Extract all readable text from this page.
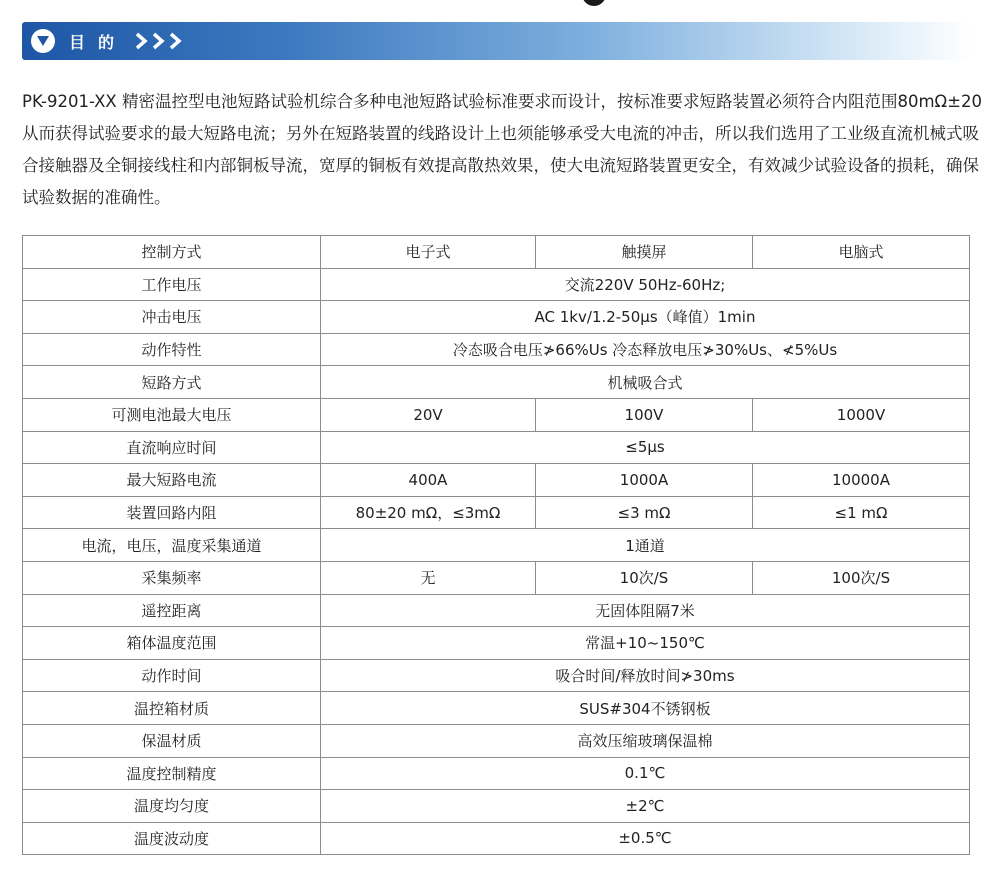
目的

PK-9201-XX 精密温控型电池短路试验机综合多种电池短路试验标准要求而设计，按标准要求短路装置必须符合内阻范围80mΩ±20从而获得试验要求的最大短路电流；另外在短路装置的线路设计上也须能够承受大电流的冲击，所以我们选用了工业级直流机械式吸合接触器及全铜接线柱和内部铜板导流，宽厚的铜板有效提高散热效果，使大电流短路装置更安全，有效减少试验设备的损耗，确保试验数据的准确性。

控制方式	电子式	触摸屏	电脑式
工作电压	交流220V 50Hz-60Hz;		
冲击电压	AC 1kv/1.2-50μs（峰值）1min		
动作特性	冷态吸合电压≯66%Us 冷态释放电压≯30%Us、≮5%Us		
短路方式	机械吸合式		
可测电池最大电压	20V	100V	1000V
直流响应时间	≤5μs		
最大短路电流	400A	1000A	10000A
装置回路内阻	80±20 mΩ，≤3mΩ	≤3 mΩ	≤1 mΩ
电流，电压，温度采集通道	1通道		
采集频率	无	10次/S	100次/S
遥控距离	无固体阻隔7米		
箱体温度范围	常温+10~150℃		
动作时间	吸合时间/释放时间≯30ms		
温控箱材质	SUS#304不锈钢板		
保温材质	高效压缩玻璃保温棉		
温度控制精度	0.1℃		
温度均匀度	±2℃		
温度波动度	±0.5℃		
